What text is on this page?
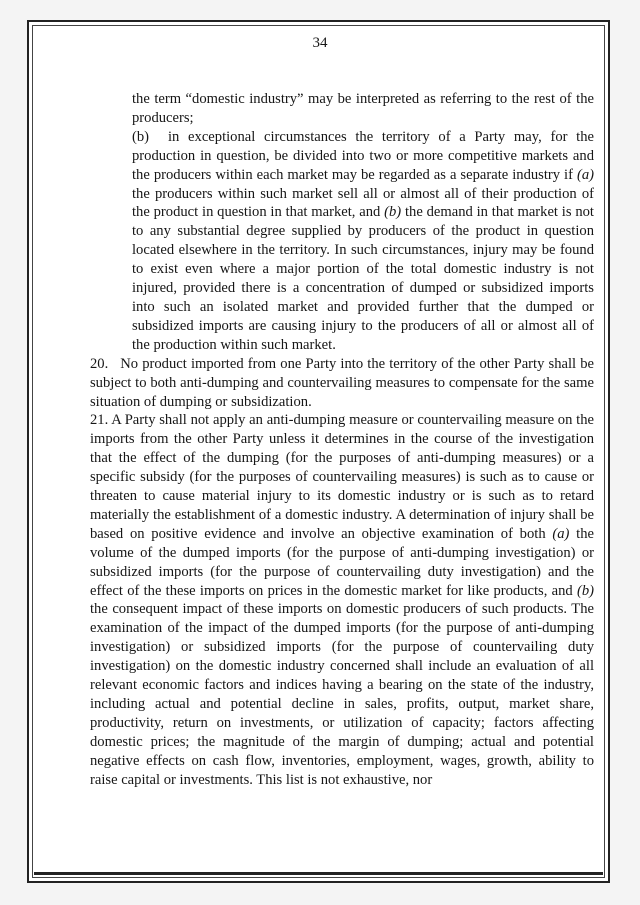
34
the term “domestic industry” may be interpreted as referring to the rest of the producers;
(b) in exceptional circumstances the territory of a Party may, for the production in question, be divided into two or more competitive markets and the producers within each market may be regarded as a separate industry if (a) the producers within such market sell all or almost all of their production of the product in question in that market, and (b) the demand in that market is not to any substantial degree supplied by producers of the product in question located elsewhere in the territory. In such circumstances, injury may be found to exist even where a major portion of the total domestic industry is not injured, provided there is a concentration of dumped or subsidized imports into such an isolated market and provided further that the dumped or subsidized imports are causing injury to the producers of all or almost all of the production within such market.
20. No product imported from one Party into the territory of the other Party shall be subject to both anti-dumping and countervailing measures to compensate for the same situation of dumping or subsidization.
21. A Party shall not apply an anti-dumping measure or countervailing measure on the imports from the other Party unless it determines in the course of the investigation that the effect of the dumping (for the purposes of anti-dumping measures) or a specific subsidy (for the purposes of countervailing measures) is such as to cause or threaten to cause material injury to its domestic industry or is such as to retard materially the establishment of a domestic industry. A determination of injury shall be based on positive evidence and involve an objective examination of both (a) the volume of the dumped imports (for the purpose of anti-dumping investigation) or subsidized imports (for the purpose of countervailing duty investigation) and the effect of the these imports on prices in the domestic market for like products, and (b) the consequent impact of these imports on domestic producers of such products. The examination of the impact of the dumped imports (for the purpose of anti-dumping investigation) or subsidized imports (for the purpose of countervailing duty investigation) on the domestic industry concerned shall include an evaluation of all relevant economic factors and indices having a bearing on the state of the industry, including actual and potential decline in sales, profits, output, market share, productivity, return on investments, or utilization of capacity; factors affecting domestic prices; the magnitude of the margin of dumping; actual and potential negative effects on cash flow, inventories, employment, wages, growth, ability to raise capital or investments. This list is not exhaustive, nor
